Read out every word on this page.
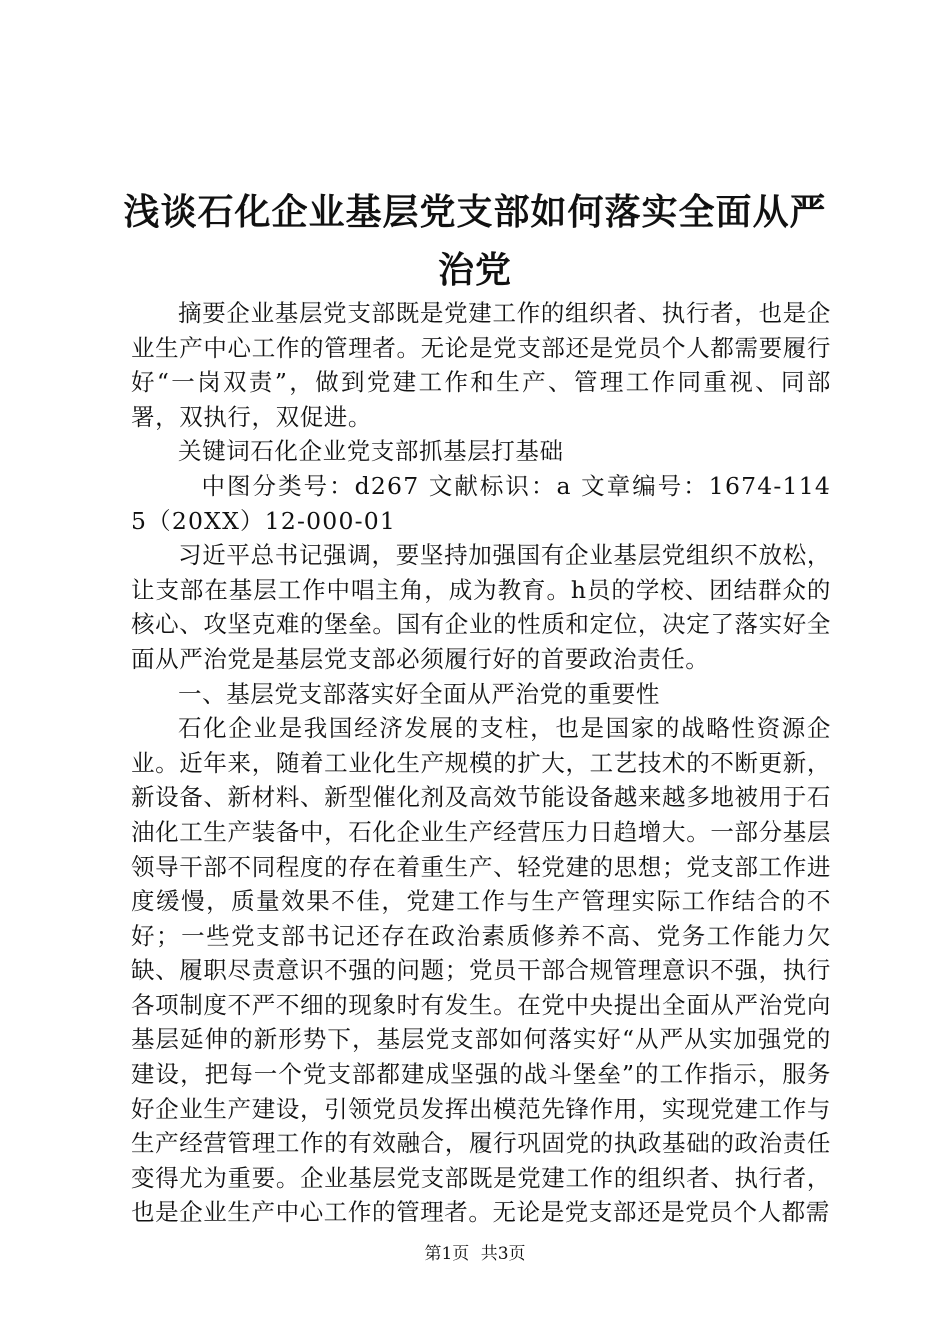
浅谈石化企业基层党支部如何落实全面从严治党

摘要企业基层党支部既是党建工作的组织者、执行者，也是企业生产中心工作的管理者。无论是党支部还是党员个人都需要履行好“一岗双责”，做到党建工作和生产、管理工作同重视、同部署，双执行，双促进。

关键词石化企业党支部抓基层打基础

中图分类号：d267 文献标识：a 文章编号：1674-1145（20XX）12-000-01

习近平总书记强调，要坚持加强国有企业基层党组织不放松，让支部在基层工作中唱主角，成为教育。h员的学校、团结群众的核心、攻坚克难的堡垒。国有企业的性质和定位，决定了落实好全面从严治党是基层党支部必须履行好的首要政治责任。

一、基层党支部落实好全面从严治党的重要性

石化企业是我国经济发展的支柱，也是国家的战略性资源企业。近年来，随着工业化生产规模的扩大，工艺技术的不断更新，新设备、新材料、新型催化剂及高效节能设备越来越多地被用于石油化工生产装备中，石化企业生产经营压力日趋增大。一部分基层领导干部不同程度的存在着重生产、轻党建的思想；党支部工作进度缓慢，质量效果不佳，党建工作与生产管理实际工作结合的不好；一些党支部书记还存在政治素质修养不高、党务工作能力欠缺、履职尽责意识不强的问题；党员干部合规管理意识不强，执行各项制度不严不细的现象时有发生。在党中央提出全面从严治党向基层延伸的新形势下，基层党支部如何落实好“从严从实加强党的建设，把每一个党支部都建成坚强的战斗堡垒”的工作指示，服务好企业生产建设，引领党员发挥出模范先锋作用，实现党建工作与生产经营管理工作的有效融合，履行巩固党的执政基础的政治责任变得尤为重要。企业基层党支部既是党建工作的组织者、执行者，也是企业生产中心工作的管理者。无论是党支部还是党员个人都需

第1页 共3页
